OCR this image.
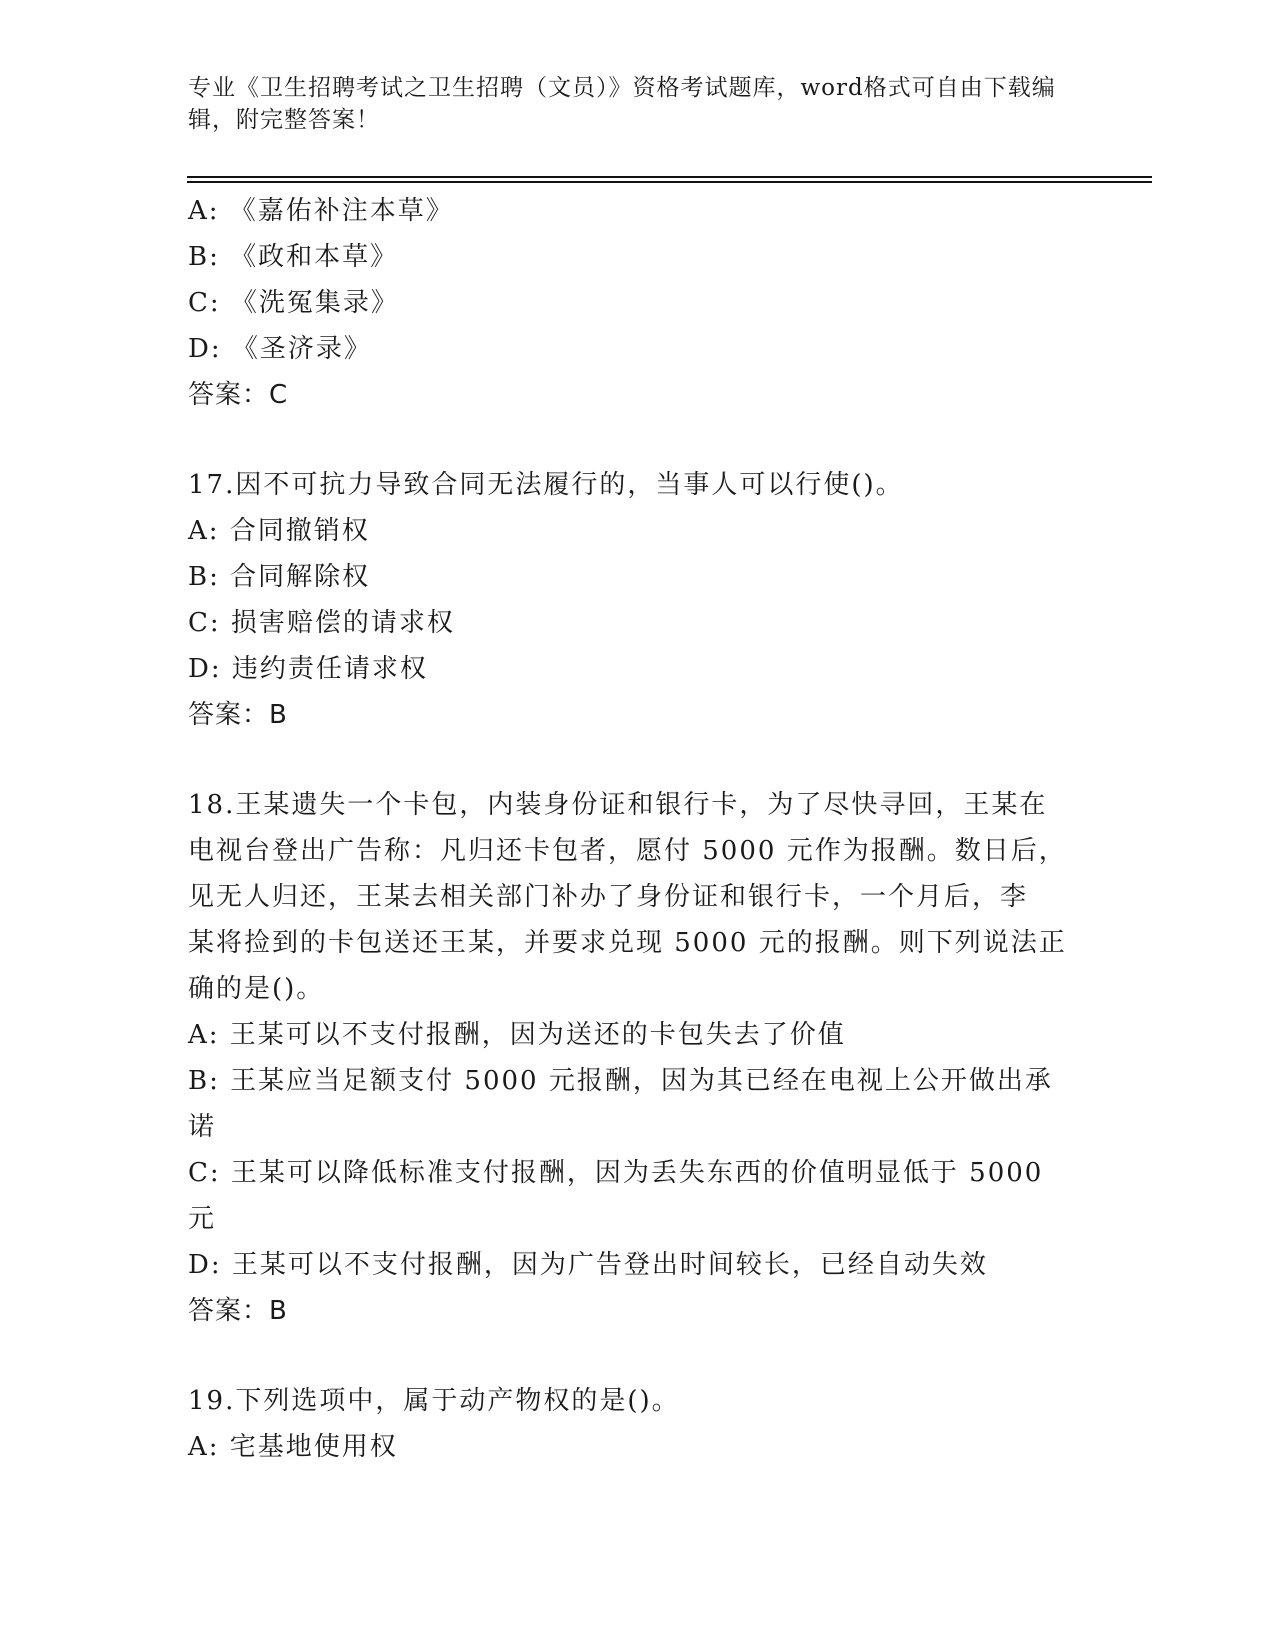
专业《卫生招聘考试之卫生招聘（文员）》资格考试题库，word格式可自由下载编辑，附完整答案！
A: 《嘉佑补注本草》
B: 《政和本草》
C: 《洗冤集录》
D: 《圣济录》
答案：C
17.因不可抗力导致合同无法履行的，当事人可以行使()。
A: 合同撤销权
B: 合同解除权
C: 损害赔偿的请求权
D: 违约责任请求权
答案：B
18.王某遗失一个卡包，内装身份证和银行卡，为了尽快寻回，王某在
电视台登出广告称：凡归还卡包者，愿付 5000 元作为报酬。数日后，
见无人归还，王某去相关部门补办了身份证和银行卡，一个月后，李
某将捡到的卡包送还王某，并要求兑现 5000 元的报酬。则下列说法正
确的是()。
A: 王某可以不支付报酬，因为送还的卡包失去了价值
B: 王某应当足额支付 5000 元报酬，因为其已经在电视上公开做出承
诺
C: 王某可以降低标准支付报酬，因为丢失东西的价值明显低于 5000
元
D: 王某可以不支付报酬，因为广告登出时间较长，已经自动失效
答案：B
19.下列选项中，属于动产物权的是()。
A: 宅基地使用权
